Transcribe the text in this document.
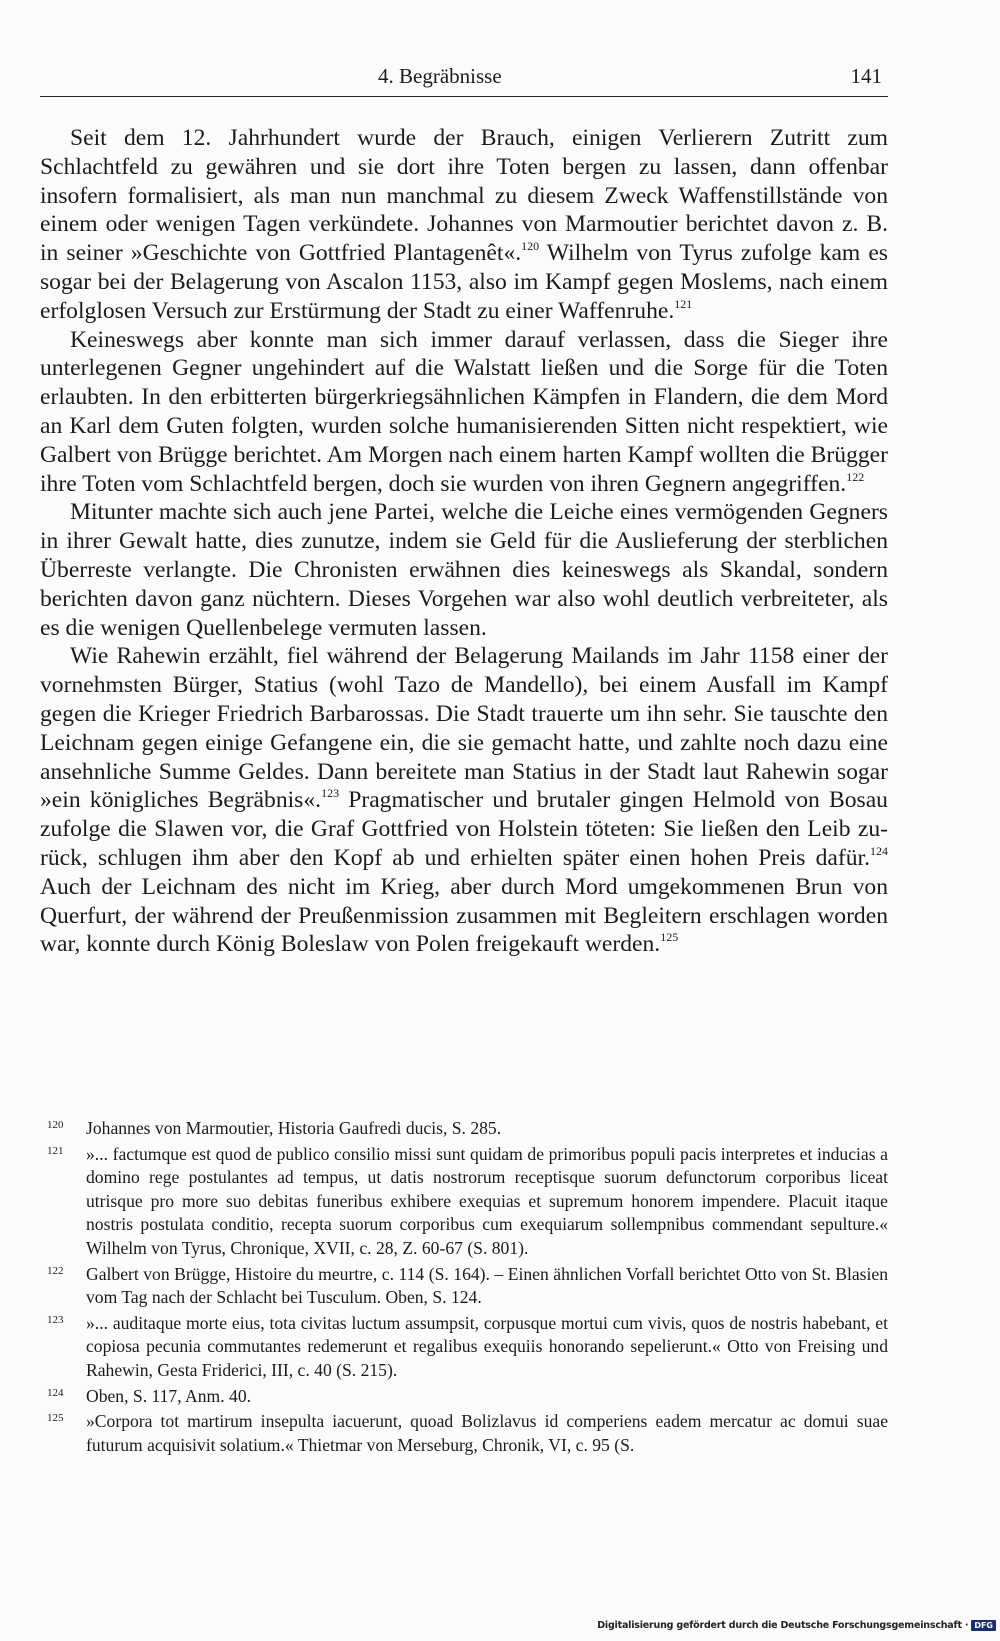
4. Begräbnisse	141

Seit dem 12. Jahrhundert wurde der Brauch, einigen Verlierern Zutritt zum Schlachtfeld zu gewähren und sie dort ihre Toten bergen zu lassen, dann offenbar insofern formalisiert, als man nun manchmal zu diesem Zweck Waffenstillstände von einem oder wenigen Tagen verkündete. Johannes von Marmoutier berichtet davon z. B. in seiner »Geschichte von Gottfried Plantagenêt«.$^{120}$ Wilhelm von Tyrus zufolge kam es sogar bei der Belagerung von Ascalon 1153, also im Kampf gegen Moslems, nach einem erfolglosen Versuch zur Erstürmung der Stadt zu einer Waffenruhe.$^{121}$

Keineswegs aber konnte man sich immer darauf verlassen, dass die Sieger ihre unterlegenen Gegner ungehindert auf die Walstatt ließen und die Sorge für die Toten erlaubten. In den erbitterten bürgerkriegsähnlichen Kämpfen in Flandern, die dem Mord an Karl dem Guten folgten, wurden solche humanisierenden Sitten nicht respektiert, wie Galbert von Brügge berichtet. Am Morgen nach einem harten Kampf wollten die Brügger ihre Toten vom Schlachtfeld bergen, doch sie wurden von ihren Gegnern angegriffen.$^{122}$

Mitunter machte sich auch jene Partei, welche die Leiche eines vermögenden Gegners in ihrer Gewalt hatte, dies zunutze, indem sie Geld für die Auslieferung der sterblichen Überreste verlangte. Die Chronisten erwähnen dies keineswegs als Skandal, sondern berichten davon ganz nüchtern. Dieses Vorgehen war also wohl deutlich verbreiteter, als es die wenigen Quellenbelege vermuten lassen.

Wie Rahewin erzählt, fiel während der Belagerung Mailands im Jahr 1158 einer der vornehmsten Bürger, Statius (wohl Tazo de Mandello), bei einem Ausfall im Kampf gegen die Krieger Friedrich Barbarossas. Die Stadt trauerte um ihn sehr. Sie tauschte den Leichnam gegen einige Gefangene ein, die sie gemacht hatte, und zahlte noch dazu eine ansehnliche Summe Geldes. Dann bereitete man Statius in der Stadt laut Rahewin sogar »ein königliches Begräbnis«.$^{123}$ Pragmatischer und brutaler gingen Helmold von Bosau zufolge die Slawen vor, die Graf Gottfried von Holstein töteten: Sie ließen den Leib zurück, schlugen ihm aber den Kopf ab und erhielten später einen hohen Preis dafür.$^{124}$ Auch der Leichnam des nicht im Krieg, aber durch Mord umgekommenen Brun von Querfurt, der während der Preußenmission zusammen mit Begleitern erschlagen worden war, konnte durch König Boleslaw von Polen freigekauft werden.$^{125}$

120 Johannes von Marmoutier, Historia Gaufredi ducis, S. 285.
121 »... factumque est quod de publico consilio missi sunt quidam de primoribus populi pacis interpretes et inducias a domino rege postulantes ad tempus, ut datis nostrorum receptisque suorum defunctorum corporibus liceat utrisque pro more suo debitas funeribus exhibere exequias et supremum honorem impendere. Placuit itaque nostris postulata conditio, recepta suorum corporibus cum exequiarum sollempnibus commendant sepulture.« Wilhelm von Tyrus, Chronique, XVII, c. 28, Z. 60-67 (S. 801).
122 Galbert von Brügge, Histoire du meurtre, c. 114 (S. 164). – Einen ähnlichen Vorfall berichtet Otto von St. Blasien vom Tag nach der Schlacht bei Tusculum. Oben, S. 124.
123 »... auditaque morte eius, tota civitas luctum assumpsit, corpusque mortui cum vivis, quos de nostris habebant, et copiosa pecunia commutantes redemerunt et regalibus exequiis honorando sepelierunt.« Otto von Freising und Rahewin, Gesta Friderici, III, c. 40 (S. 215).
124 Oben, S. 117, Anm. 40.
125 »Corpora tot martirum insepulta iacuerunt, quoad Bolizlavus id comperiens eadem mercatur ac domui suae futurum acquisivit solatium.« Thietmar von Merseburg, Chronik, VI, c. 95 (S.
Digitalisierung gefördert durch die Deutsche Forschungsgemeinschaft · DFG
